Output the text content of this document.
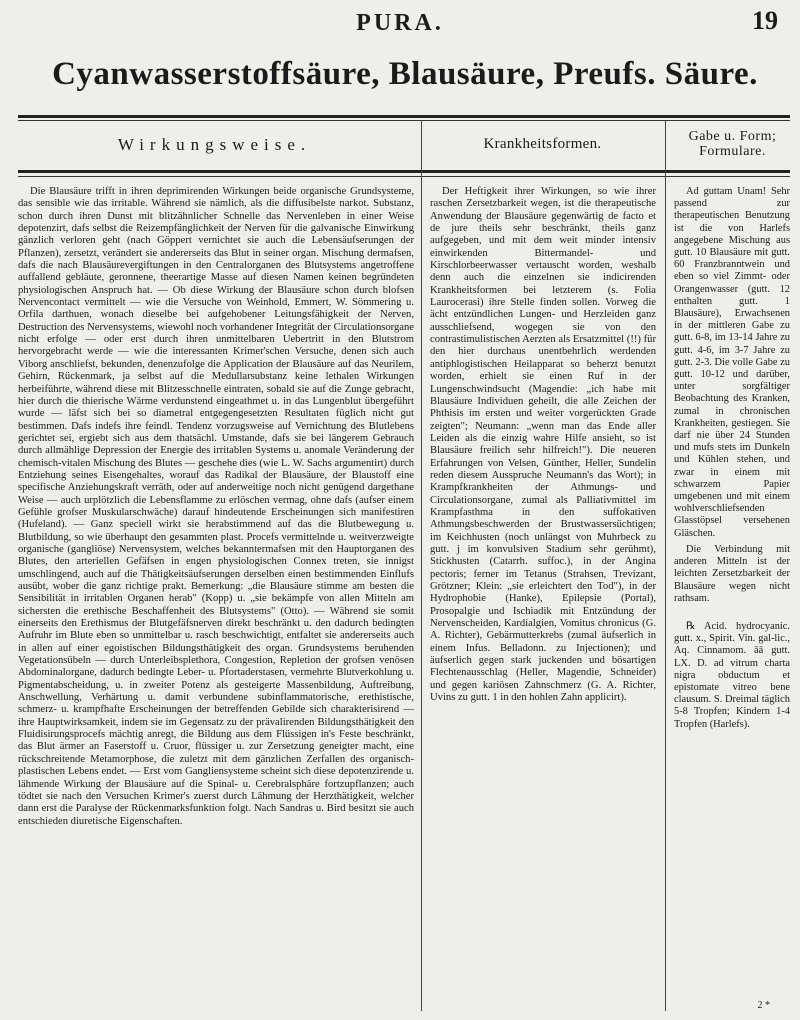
PURA.	19
Cyanwasserstoffsäure, Blausäure, Preufs. Säure.
Wirkungsweise.	Krankheitsformen.	Gabe u. Form; Formulare.

Die Blausäure trifft in ihren deprimirenden Wirkungen beide organische Grundsysteme, das sensible wie das irritable. Während sie nämlich, als die diffusibelste narkot. Substanz, schon durch ihren Dunst mit blitzähnlicher Schnelle das Nervenleben in einer Weise depotenzirt, dafs selbst die Reizempfänglichkeit der Nerven für die galvanische Einwirkung gänzlich verloren geht (nach Göppert vernichtet sie auch die Lebensäufserungen der Pflanzen), zersetzt, verändert sie andererseits das Blut in seiner organ. Mischung dermafsen, dafs die nach Blausäurevergiftungen in den Centralorganen des Blutsystems angetroffene auffallend gebläute, geronnene, theerartige Masse auf diesen Namen keinen begründeten physiologischen Anspruch hat. — Ob diese Wirkung der Blausäure schon durch blofsen Nervencontact vermittelt — wie die Versuche von Weinhold, Emmert, W. Sömmering u. Orfila darthuen, wonach dieselbe bei aufgehobener Leitungsfähigkeit der Nerven, Destruction des Nervensystems, wiewohl noch vorhandener Integrität der Circulationsorgane nicht erfolge — oder erst durch ihren unmittelbaren Uebertritt in den Blutstrom hervorgebracht werde — wie die interessanten Krimer'schen Versuche, denen sich auch Viborg anschliefst, bekunden, denenzufolge die Application der Blausäure auf das Neurilem, Gehirn, Rückenmark, ja selbst auf die Medullarsubstanz keine lethalen Wirkungen herbeiführte, während diese mit Blitzesschnelle eintraten, sobald sie auf die Zunge gebracht, hier durch die thierische Wärme verdunstend eingeathmet u. in das Lungenblut übergeführt wurde — läfst sich bei so diametral entgegengesetzten Resultaten füglich nicht gut bestimmen. Dafs indefs ihre feindl. Tendenz vorzugsweise auf Vernichtung des Blutlebens gerichtet sei, ergiebt sich aus dem thatsächl. Umstande, dafs sie bei längerem Gebrauch durch allmählige Depression der Energie des irritablen Systems u. anomale Veränderung der chemisch-vitalen Mischung des Blutes — geschehe dies (wie L. W. Sachs argumentirt) durch Entziehung seines Eisengehaltes, worauf das Radikal der Blausäure, der Blaustoff eine specifische Anziehungskraft verräth, oder auf anderweitige noch nicht genügend dargethane Weise — auch urplötzlich die Lebensflamme zu erlöschen vermag, ohne dafs (aufser einem Gefühle grofser Muskularschwäche) darauf hindeutende Erscheinungen sich manifestiren (Hufeland). — Ganz speciell wirkt sie herabstimmend auf das die Blutbewegung u. Blutbildung, so wie überhaupt den gesammten plast. Procefs vermittelnde u. weitverzweigte organische (gangliöse) Nervensystem, welches bekanntermafsen mit den Hauptorganen des Blutes, den arteriellen Gefäfsen in engen physiologischen Connex treten, sie innigst umschlingend, auch auf die Thätigkeitsäufserungen derselben einen bestimmenden Einflufs ausübt, wober die ganz richtige prakt. Bemerkung: „die Blausäure stimme am besten die Sensibilität in irritablen Organen herab" (Kopp) u. „sie bekämpfe von allen Mitteln am sichersten die erethische Beschaffenheit des Blutsystems" (Otto). — Während sie somit einerseits den Erethismus der Blutgefäfsnerven direkt beschränkt u. den dadurch bedingten Aufruhr im Blute eben so unmittelbar u. rasch beschwichtigt, entfaltet sie andererseits auch in allen auf einer egoistischen Bildungsthätigkeit des organ. Grundsystems beruhenden Vegetationsübeln — durch Unterleibsplethora, Congestion, Repletion der grofsen venösen Abdominalorgane, dadurch bedingte Leber- u. Pfortaderstasen, vermehrte Blutverkohlung u. Pigmentabscheidung, u. in zweiter Potenz als gesteigerte Massenbildung, Auftreibung, Anschwellung, Verhärtung u. damit verbundene subinflammatorische, erethistische, schmerz- u. krampfhafte Erscheinungen der betreffenden Gebilde sich charakterisirend — ihre Hauptwirksamkeit, indem sie im Gegensatz zu der prävalirenden Bildungsthätigkeit den Fluidisirungsprocefs mächtig anregt, die Bildung aus dem Flüssigen in's Feste beschränkt, das Blut ärmer an Faserstoff u. Cruor, flüssiger u. zur Zersetzung geneigter macht, eine rückschreitende Metamorphose, die zuletzt mit dem gänzlichen Zerfallen des organisch-plastischen Lebens endet. — Erst vom Gangliensysteme scheint sich diese depotenzirende u. lähmende Wirkung der Blausäure auf die Spinal- u. Cerebralsphäre fortzupflanzen; auch tödtet sie nach den Versuchen Krimer's zuerst durch Lähmung der Herzthätigkeit, welcher dann erst die Paralyse der Rückenmarksfunktion folgt. Nach Sandras u. Bird besitzt sie auch entschieden diuretische Eigenschaften.

Der Heftigkeit ihrer Wirkungen, so wie ihrer raschen Zersetzbarkeit wegen, ist die therapeutische Anwendung der Blausäure gegenwärtig de facto et de jure theils sehr beschränkt, theils ganz aufgegeben, und mit dem weit minder intensiv einwirkenden Bittermandel- und Kirschlorbeerwasser vertauscht worden, weshalb denn auch die einzelnen sie indicirenden Krankheitsformen bei letzterem (s. Folia Laurocerasi) ihre Stelle finden sollen. Vorweg die ächt entzündlichen Lungen- und Herzleiden ganz ausschliefsend, wogegen sie von den contrastimulistischen Aerzten als Ersatzmittel (!!) für den hier durchaus unentbehrlich werdenden antiphlogistischen Heilapparat so beherzt benutzt worden, erhielt sie einen Ruf in der Lungenschwindsucht (Magendie: „ich habe mit Blausäure Individuen geheilt, die alle Zeichen der Phthisis im ersten und weiter vorgerückten Grade zeigten"; Neumann: „wenn man das Ende aller Leiden als die einzig wahre Hilfe ansieht, so ist Blausäure freilich sehr hilfreich!"). Die neueren Erfahrungen von Velsen, Günther, Heller, Sundelin reden diesem Ausspruche Neumann's das Wort); in Krampfkrankheiten der Athmungs- und Circulationsorgane, zumal als Palliativmittel im Krampfasthma in den suffokativen Athmungsbeschwerden der Brustwassersüchtigen; im Keichhusten (noch unlängst von Muhrbeck zu gutt. j im konvulsiven Stadium sehr gerühmt), Stickhusten (Catarrh. suffoc.), in der Angina pectoris; ferner im Tetanus (Strahsen, Trevizant, Grötzner; Klein: „sie erleichtert den Tod"), in der Hydrophobie (Hanke), Epilepsie (Portal), Prosopalgie und Ischiadik mit Entzündung der Nervenscheiden, Kardialgien, Vomitus chronicus (G. A. Richter), Gebärmutterkrebs (zumal äufserlich in einem Infus. Belladonn. zu Injectionen); und äufserlich gegen stark juckenden und bösartigen Flechtenausschlag (Heller, Magendie, Schneider) und gegen kariösen Zahnschmerz (G. A. Richter, Uvins zu gutt. 1 in den hohlen Zahn applicirt).

Ad guttam Unam! Sehr passend zur therapeutischen Benutzung ist die von Harlefs angegebene Mischung aus gutt. 10 Blausäure mit gutt. 60 Franzbranntwein und eben so viel Zimmt- oder Orangenwasser (gutt. 12 enthalten gutt. 1 Blausäure), Erwachsenen in der mittleren Gabe zu gutt. 6-8, im 13-14 Jahre zu gutt. 4-6, im 3-7 Jahre zu gutt. 2-3. Die volle Gabe zu gutt. 10-12 und darüber, unter sorgfältiger Beobachtung des Kranken, zumal in chronischen Krankheiten, gestiegen. Sie darf nie über 24 Stunden und mufs stets im Dunkeln und Kühlen stehen, und zwar in einem mit schwarzem Papier umgebenen und mit einem wohlverschliefsenden Glasstöpsel versehenen Gläschen.

Die Verbindung mit anderen Mitteln ist der leichten Zersetzbarkeit der Blausäure wegen nicht rathsam.

℞ Acid. hydrocyanic. gutt. x., Spirit. Vin. gal-lic., Aq. Cinnamom. āā gutt. LX. D. ad vitrum charta nigra obductum et epistomate vitreo bene clausum. S. Dreimal täglich 5-8 Tropfen; Kindern 1-4 Tropfen (Harlefs).

2 *
